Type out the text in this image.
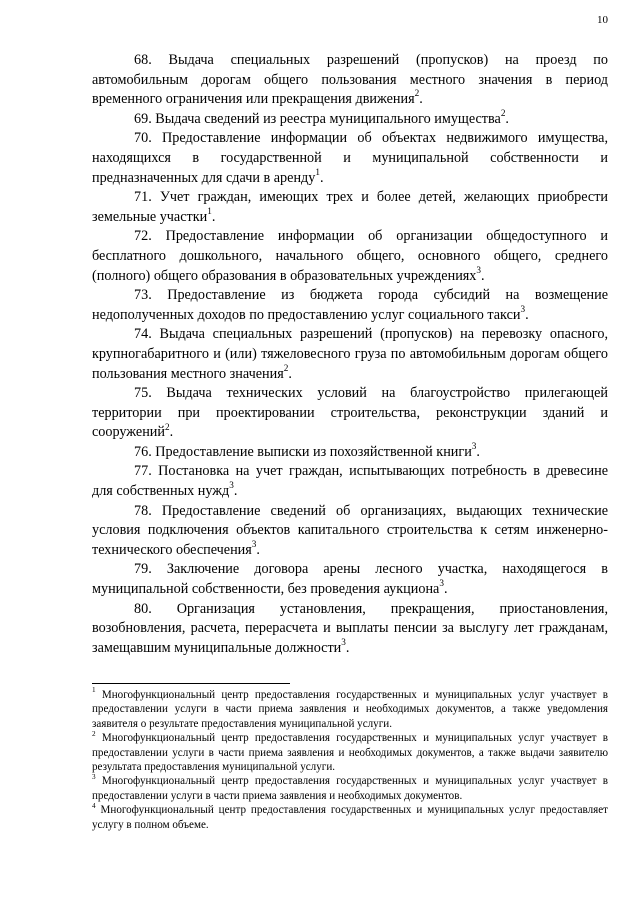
10

68. Выдача специальных разрешений (пропусков) на проезд по автомобильным дорогам общего пользования местного значения в период временного ограничения или прекращения движения$^2$.

69. Выдача сведений из реестра муниципального имущества$^2$.

70. Предоставление информации об объектах недвижимого имущества, находящихся в государственной и муниципальной собственности и предназначенных для сдачи в аренду$^1$.

71. Учет граждан, имеющих трех и более детей, желающих приобрести земельные участки$^1$.

72. Предоставление информации об организации общедоступного и бесплатного дошкольного, начального общего, основного общего, среднего (полного) общего образования в образовательных учреждениях$^3$.

73. Предоставление из бюджета города субсидий на возмещение недополученных доходов по предоставлению услуг социального такси$^3$.

74. Выдача специальных разрешений (пропусков) на перевозку опасного, крупногабаритного и (или) тяжеловесного груза по автомобильным дорогам общего пользования местного значения$^2$.

75. Выдача технических условий на благоустройство прилегающей территории при проектировании строительства, реконструкции зданий и сооружений$^2$.

76. Предоставление выписки из похозяйственной книги$^3$.

77. Постановка на учет граждан, испытывающих потребность в древесине для собственных нужд$^3$.

78. Предоставление сведений об организациях, выдающих технические условия подключения объектов капитального строительства к сетям инженерно-технического обеспечения$^3$.

79. Заключение договора арены лесного участка, находящегося в муниципальной собственности, без проведения аукциона$^3$.

80. Организация установления, прекращения, приостановления, возобновления, расчета, перерасчета и выплаты пенсии за выслугу лет гражданам, замещавшим муниципальные должности$^3$.

$^1$ Многофункциональный центр предоставления государственных и муниципальных услуг участвует в предоставлении услуги в части приема заявления и необходимых документов, а также уведомления заявителя о результате предоставления муниципальной услуги.

$^2$ Многофункциональный центр предоставления государственных и муниципальных услуг участвует в предоставлении услуги в части приема заявления и необходимых документов, а также выдачи заявителю результата предоставления муниципальной услуги.

$^3$ Многофункциональный центр предоставления государственных и муниципальных услуг участвует в предоставлении услуги в части приема заявления и необходимых документов.

$^4$ Многофункциональный центр предоставления государственных и муниципальных услуг предоставляет услугу в полном объеме.
